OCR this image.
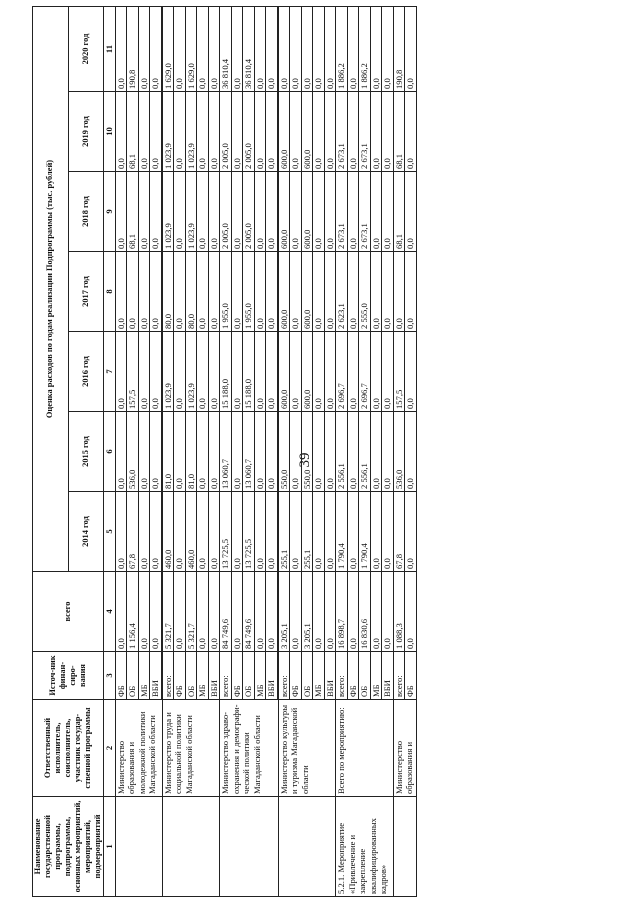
39
Наименование государственной программы, подпрограммы, основных мероприятий, мероприятий, подмероприятий	Ответственный исполнитель, соисполнитель, участник государ-ственной программы	Источ-ник финан-сиро-вания	всего	Оценка расходов по годам реализации Подпрограммы (тыс. рублей)						
				2014 год	2015 год	2016 год	2017 год	2018 год	2019 год	2020 год
1	2	3	4	5	6	7	8	9	10	11
	Министерство образования и молодежной политики Магаданской области	ФБ	0,0	0,0	0,0	0,0	0,0	0,0	0,0	0,0
		ОБ	1 156,4	67,8	536,0	157,5	0,0	68,1	68,1	190,8
		МБ	0,0	0,0	0,0	0,0	0,0	0,0	0,0	0,0
		ВБИ	0,0	0,0	0,0	0,0	0,0	0,0	0,0	0,0

	Министерство труда и социальной политики Магаданской области	всего:	5 321,7	460,0	81,0	1 023,9	80,0	1 023,9	1 023,9	1 629,0
		ФБ	0,0	0,0	0,0	0,0	0,0	0,0	0,0	0,0
		ОБ	5 321,7	460,0	81,0	1 023,9	80,0	1 023,9	1 023,9	1 629,0
		МБ	0,0	0,0	0,0	0,0	0,0	0,0	0,0	0,0
		ВБИ	0,0	0,0	0,0	0,0	0,0	0,0	0,0	0,0
	Министерство здраво-охранения и демографи-ческой политики Магаданской области	всего:	84 749,6	13 725,5	13 060,7	15 188,0	1 955,0	2 005,0	2 005,0	36 810,4
		ФБ	0,0	0,0	0,0	0,0	0,0	0,0	0,0	0,0
		ОБ	84 749,6	13 725,5	13 060,7	15 188,0	1 955,0	2 005,0	2 005,0	36 810,4
		МБ	0,0	0,0	0,0	0,0	0,0	0,0	0,0	0,0
		ВБИ	0,0	0,0	0,0	0,0	0,0	0,0	0,0	0,0

	Министерство культуры и туризма Магаданской области	всего:	3 205,1	255,1	550,0	600,0	600,0	600,0	600,0	0,0
		ФБ	0,0	0,0	0,0	0,0	0,0	0,0	0,0	0,0
		ОБ	3 205,1	255,1	550,0	600,0	600,0	600,0	600,0	0,0
		МБ	0,0	0,0	0,0	0,0	0,0	0,0	0,0	0,0
		ВБИ	0,0	0,0	0,0	0,0	0,0	0,0	0,0	0,0
5.2.1. Мероприятие «Привлечение и закрепление квалифицированных кадров»	Всего по мероприятию:	всего:	16 898,7	1 790,4	2 556,1	2 696,7	2 623,1	2 673,1	2 673,1	1 886,2
		ФБ	0,0	0,0	0,0	0,0	0,0	0,0	0,0	0,0
		ОБ	16 830,6	1 790,4	2 556,1	2 696,7	2 555,0	2 673,1	2 673,1	1 886,2
		МБ	0,0	0,0	0,0	0,0	0,0	0,0	0,0	0,0
		ВБИ	0,0	0,0	0,0	0,0	0,0	0,0	0,0	0,0
	Министерство образования и	всего:	1 088,3	67,8	536,0	157,5	0,0	68,1	68,1	190,8
		ФБ	0,0	0,0	0,0	0,0	0,0	0,0	0,0	0,0
